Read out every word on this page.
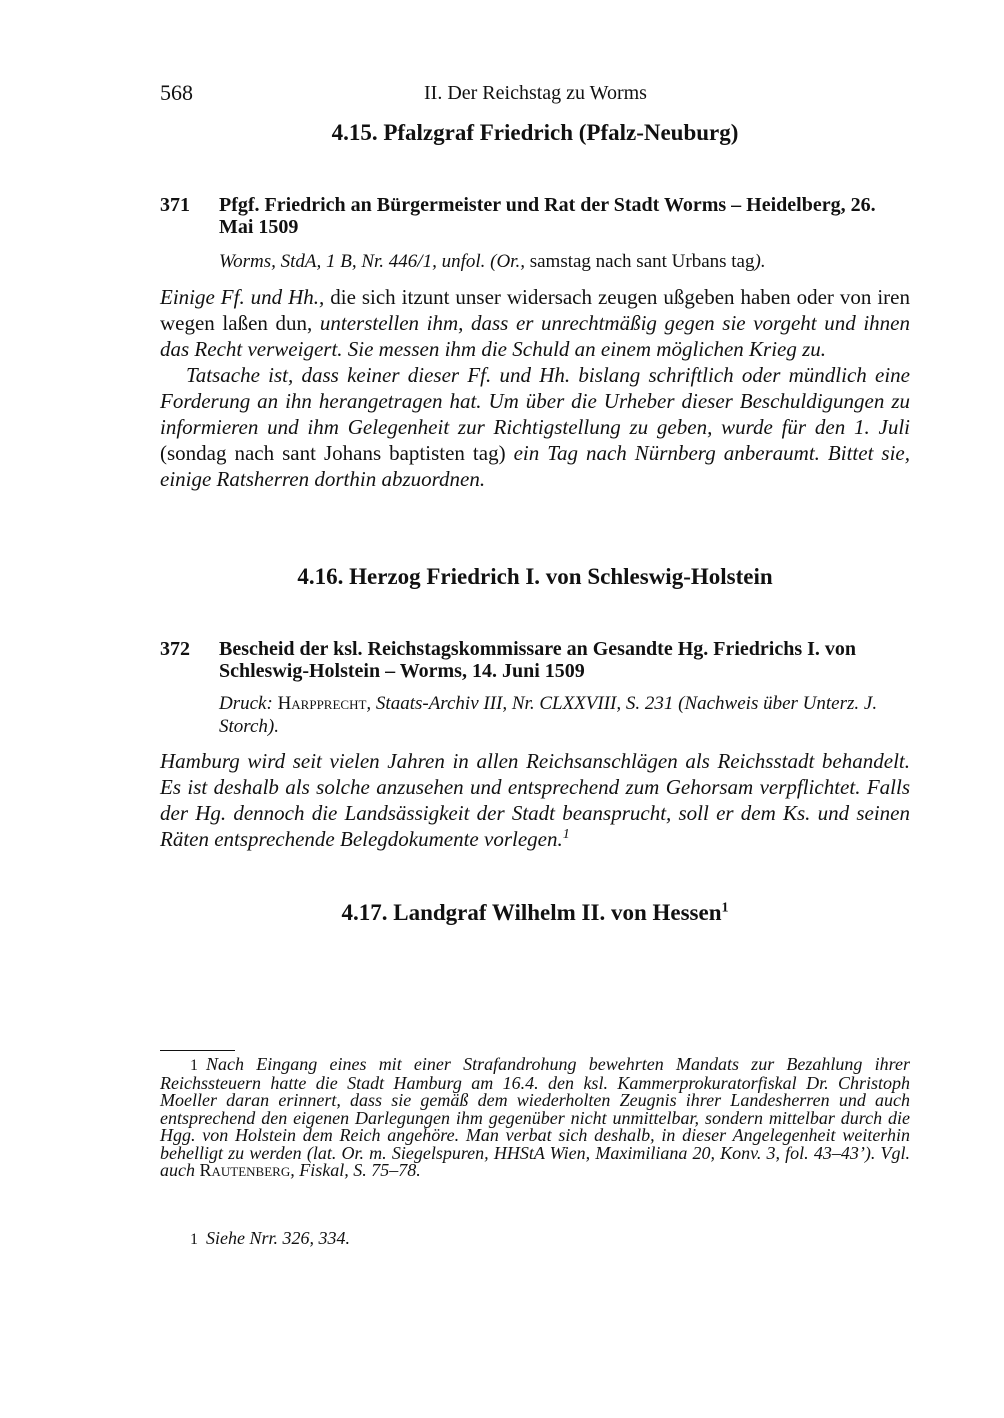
568	II. Der Reichstag zu Worms
4.15. Pfalzgraf Friedrich (Pfalz-Neuburg)
371 Pfgf. Friedrich an Bürgermeister und Rat der Stadt Worms – Heidelberg, 26. Mai 1509
Worms, StdA, 1 B, Nr. 446/1, unfol. (Or., samstag nach sant Urbans tag).
Einige Ff. und Hh., die sich itzunt unser widersach zeugen ußgeben haben oder von iren wegen laßen dun, unterstellen ihm, dass er unrechtmäßig gegen sie vorgeht und ihnen das Recht verweigert. Sie messen ihm die Schuld an einem möglichen Krieg zu.
Tatsache ist, dass keiner dieser Ff. und Hh. bislang schriftlich oder mündlich eine Forderung an ihn herangetragen hat. Um über die Urheber dieser Beschuldigungen zu informieren und ihm Gelegenheit zur Richtigstellung zu geben, wurde für den 1. Juli (sondag nach sant Johans baptisten tag) ein Tag nach Nürnberg anberaumt. Bittet sie, einige Ratsherren dorthin abzuordnen.
4.16. Herzog Friedrich I. von Schleswig-Holstein
372 Bescheid der ksl. Reichstagskommissare an Gesandte Hg. Friedrichs I. von Schleswig-Holstein – Worms, 14. Juni 1509
Druck: Harpprecht, Staats-Archiv III, Nr. CLXXVIII, S. 231 (Nachweis über Unterz. J. Storch).
Hamburg wird seit vielen Jahren in allen Reichsanschlägen als Reichsstadt behandelt. Es ist deshalb als solche anzusehen und entsprechend zum Gehorsam verpflichtet. Falls der Hg. dennoch die Landsässigkeit der Stadt beansprucht, soll er dem Ks. und seinen Räten entsprechende Belegdokumente vorlegen.$^1$
4.17. Landgraf Wilhelm II. von Hessen$^1$
1 Nach Eingang eines mit einer Strafandrohung bewehrten Mandats zur Bezahlung ihrer Reichssteuern hatte die Stadt Hamburg am 16.4. den ksl. Kammerprokuratorfiskal Dr. Christoph Moeller daran erinnert, dass sie gemäß dem wiederholten Zeugnis ihrer Landesherren und auch entsprechend den eigenen Darlegungen ihm gegenüber nicht unmittelbar, sondern mittelbar durch die Hgg. von Holstein dem Reich angehöre. Man verbat sich deshalb, in dieser Angelegenheit weiterhin behelligt zu werden (lat. Or. m. Siegelspuren, HHStA Wien, Maximiliana 20, Konv. 3, fol. 43–43’). Vgl. auch Rautenberg, Fiskal, S. 75–78.
1 Siehe Nrr. 326, 334.
